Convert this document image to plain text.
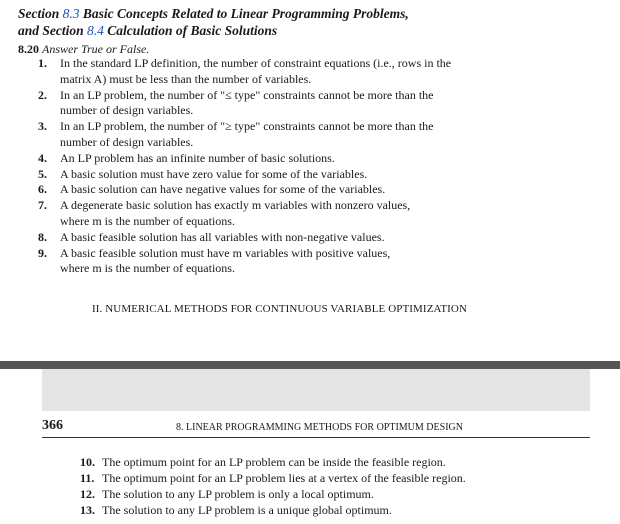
Section 8.3 Basic Concepts Related to Linear Programming Problems,
and Section 8.4 Calculation of Basic Solutions
8.20 Answer True or False.
1.	In the standard LP definition, the number of constraint equations (i.e., rows in the
matrix A) must be less than the number of variables.
2.	In an LP problem, the number of "≤ type" constraints cannot be more than the
number of design variables.
3.	In an LP problem, the number of "≥ type" constraints cannot be more than the
number of design variables.
4.	An LP problem has an infinite number of basic solutions.
5.	A basic solution must have zero value for some of the variables.
6.	A basic solution can have negative values for some of the variables.
7.	A degenerate basic solution has exactly m variables with nonzero values,
where m is the number of equations.
8.	A basic feasible solution has all variables with non-negative values.
9.	A basic feasible solution must have m variables with positive values,
where m is the number of equations.
II. NUMERICAL METHODS FOR CONTINUOUS VARIABLE OPTIMIZATION
366	8. LINEAR PROGRAMMING METHODS FOR OPTIMUM DESIGN
10. The optimum point for an LP problem can be inside the feasible region.
11. The optimum point for an LP problem lies at a vertex of the feasible region.
12. The solution to any LP problem is only a local optimum.
13. The solution to any LP problem is a unique global optimum.
